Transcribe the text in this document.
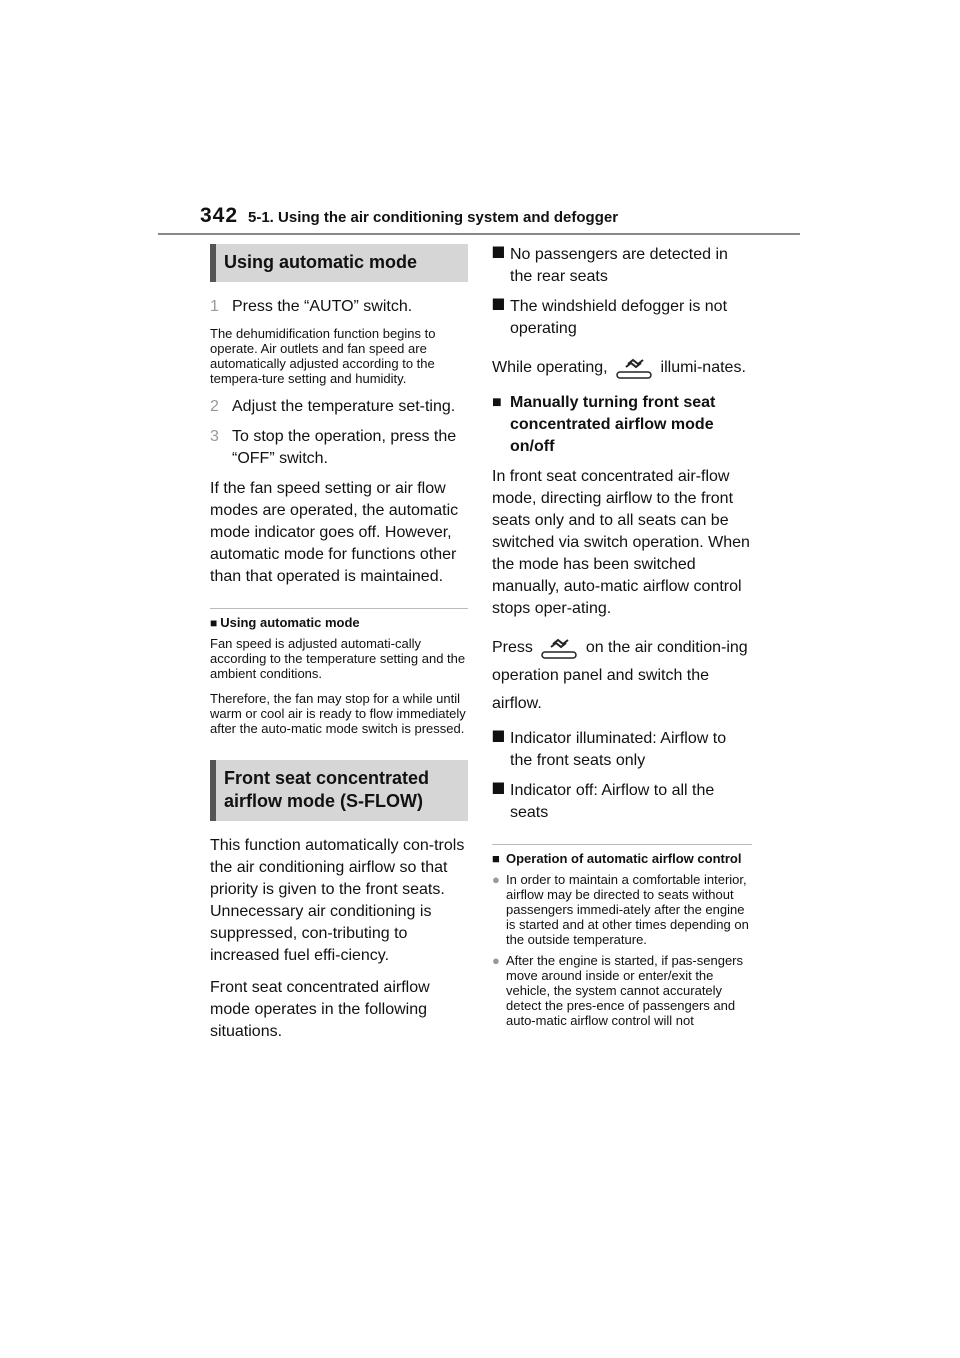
342 5-1. Using the air conditioning system and defogger
Using automatic mode
1 Press the “AUTO” switch.

The dehumidification function begins to operate. Air outlets and fan speed are automatically adjusted according to the tempera-ture setting and humidity.

2 Adjust the temperature set-ting.
3 To stop the operation, press the “OFF” switch.

If the fan speed setting or air flow modes are operated, the automatic mode indicator goes off. However, automatic mode for functions other than that operated is maintained.

■ Using automatic mode

Fan speed is adjusted automati-cally according to the temperature setting and the ambient conditions.

Therefore, the fan may stop for a while until warm or cool air is ready to flow immediately after the auto-matic mode switch is pressed.

Front seat concentrated airflow mode (S-FLOW)

This function automatically con-trols the air conditioning airflow so that priority is given to the front seats. Unnecessary air conditioning is suppressed, con-tributing to increased fuel effi-ciency.

Front seat concentrated airflow mode operates in the following situations.

⯀ No passengers are detected in the rear seats
⯀ The windshield defogger is not operating

While operating,	illumi-nates.

■ Manually turning front seat concentrated airflow mode on/off

In front seat concentrated air-flow mode, directing airflow to the front seats only and to all seats can be switched via switch operation. When the mode has been switched manually, auto-matic airflow control stops oper-ating.

Press	on the air condition-ing operation panel and switch the airflow.

⯀ Indicator illuminated: Airflow to the front seats only
⯀ Indicator off: Airflow to all the seats
■ Operation of automatic airflow control
● In order to maintain a comfortable interior, airflow may be directed to seats without passengers immedi-ately after the engine is started and at other times depending on the outside temperature.
● After the engine is started, if pas-sengers move around inside or enter/exit the vehicle, the system cannot accurately detect the pres-ence of passengers and auto-matic airflow control will not
